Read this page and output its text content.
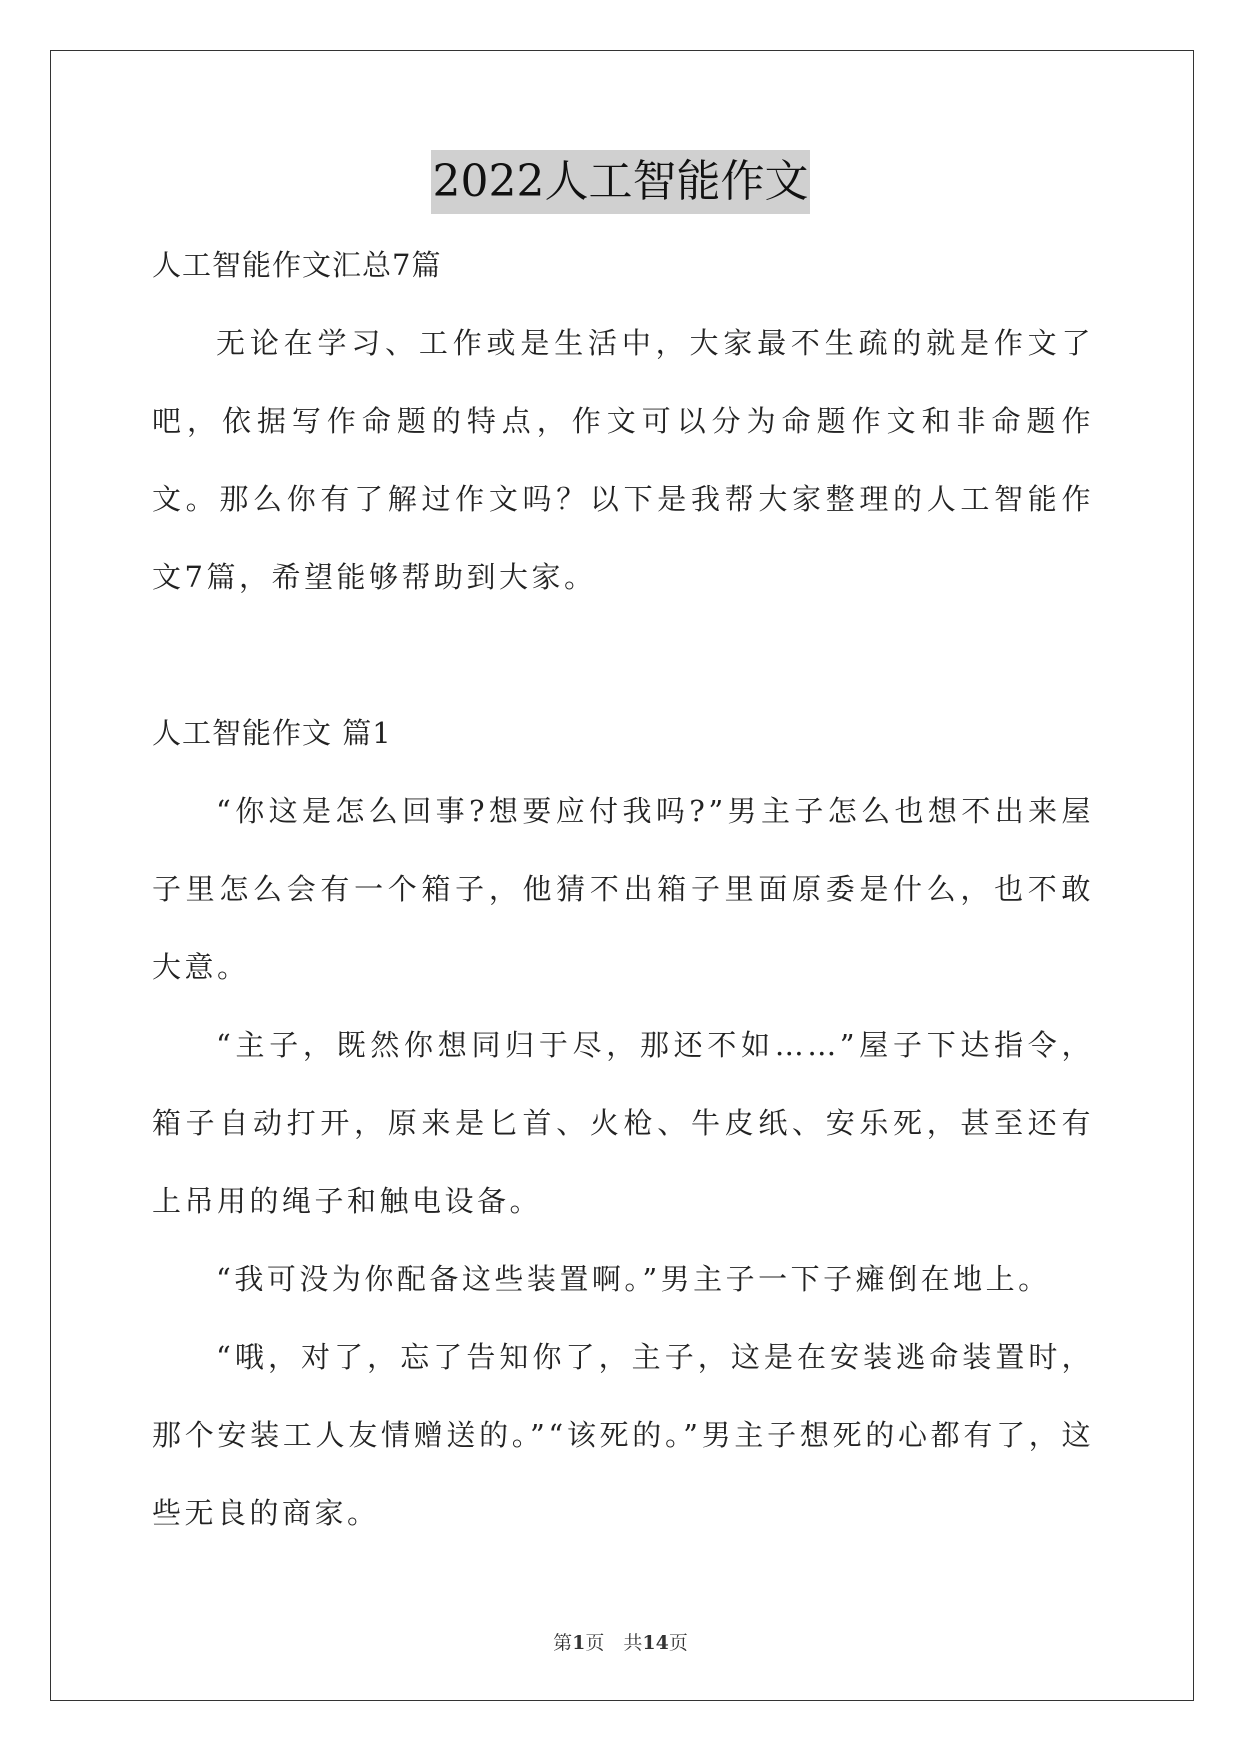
2022人工智能作文

人工智能作文汇总7篇

无论在学习、工作或是生活中，大家最不生疏的就是作文了吧，依据写作命题的特点，作文可以分为命题作文和非命题作文。那么你有了解过作文吗？以下是我帮大家整理的人工智能作文7篇，希望能够帮助到大家。

人工智能作文 篇1

“你这是怎么回事?想要应付我吗?”男主子怎么也想不出来屋子里怎么会有一个箱子，他猜不出箱子里面原委是什么，也不敢大意。

“主子，既然你想同归于尽，那还不如……”屋子下达指令，箱子自动打开，原来是匕首、火枪、牛皮纸、安乐死，甚至还有上吊用的绳子和触电设备。

“我可没为你配备这些装置啊。”男主子一下子瘫倒在地上。

“哦，对了，忘了告知你了，主子，这是在安装逃命装置时，那个安装工人友情赠送的。”“该死的。”男主子想死的心都有了，这些无良的商家。

第1页　共14页
